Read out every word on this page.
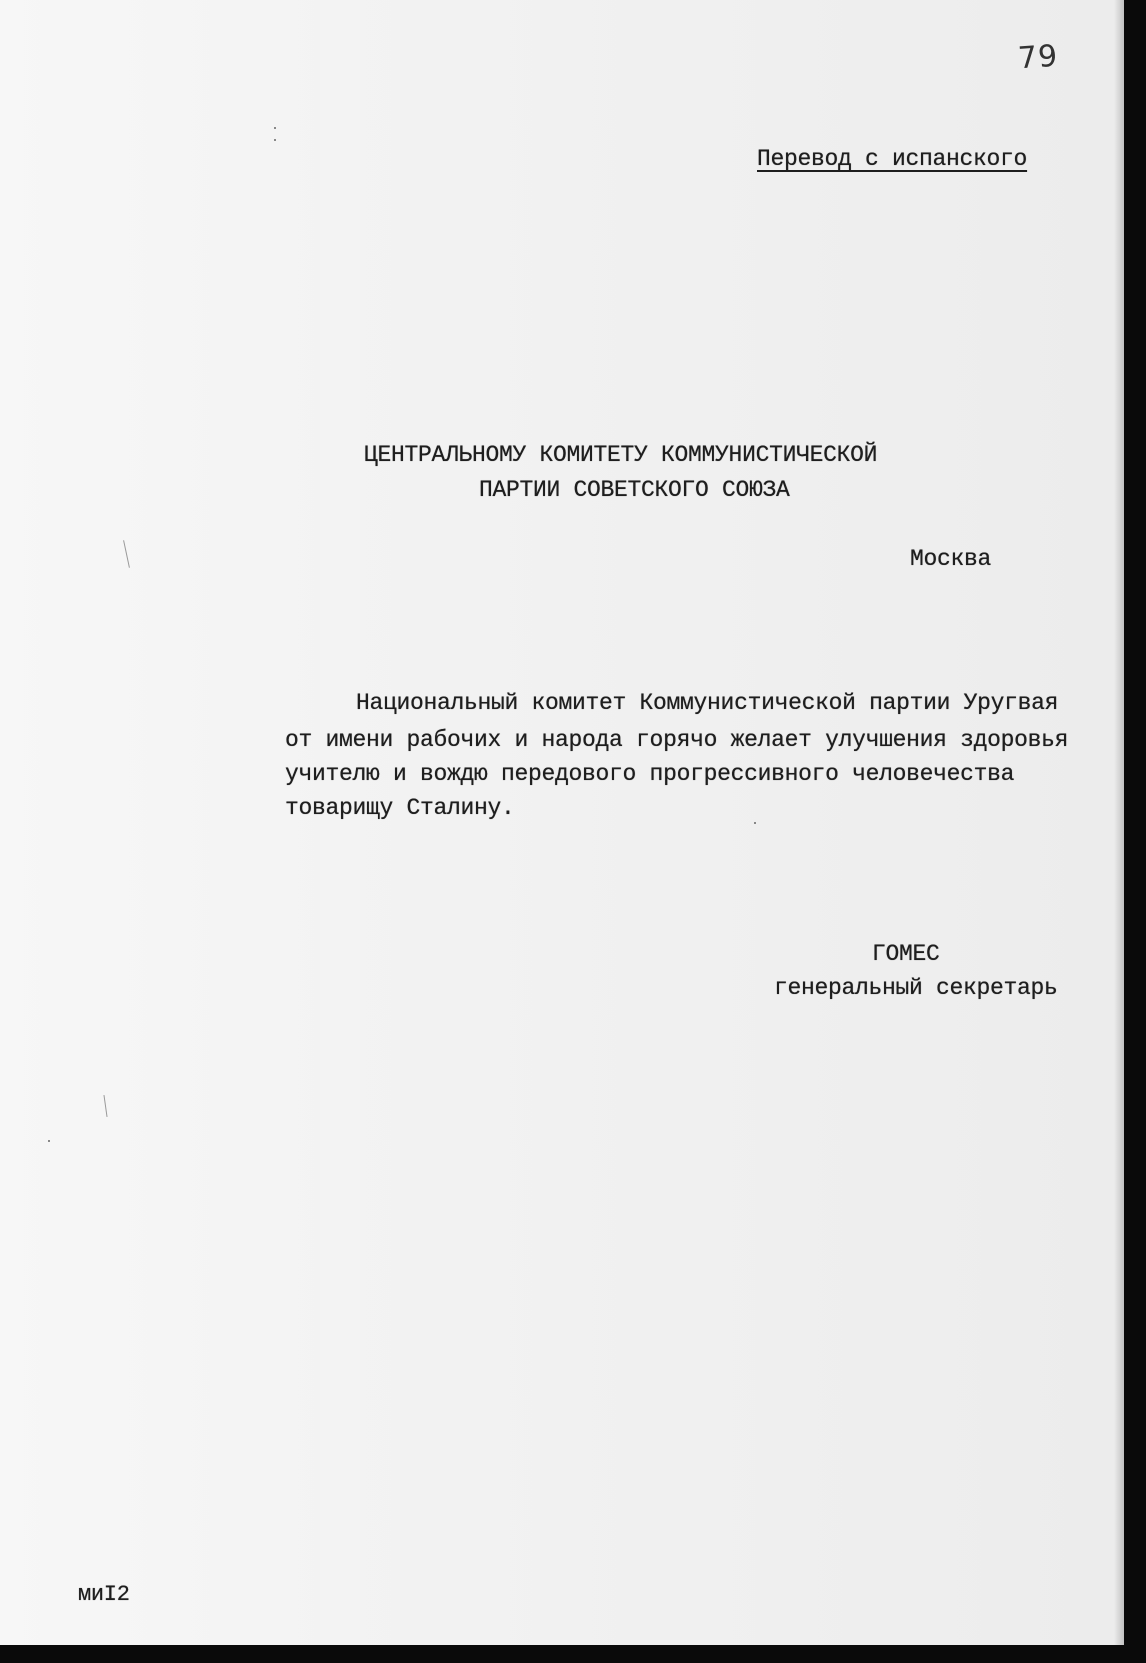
79
Перевод с испанского
ЦЕНТРАЛЬНОМУ КОМИТЕТУ КОММУНИСТИЧЕСКОЙ
ПАРТИИ СОВЕТСКОГО СОЮЗА
Москва
Национальный комитет Коммунистической партии Уругвая
от имени рабочих и народа горячо желает улучшения здоровья
учителю и вождю передового прогрессивного человечества
товарищу Сталину.
ГОМЕС
генеральный секретарь
миI2
